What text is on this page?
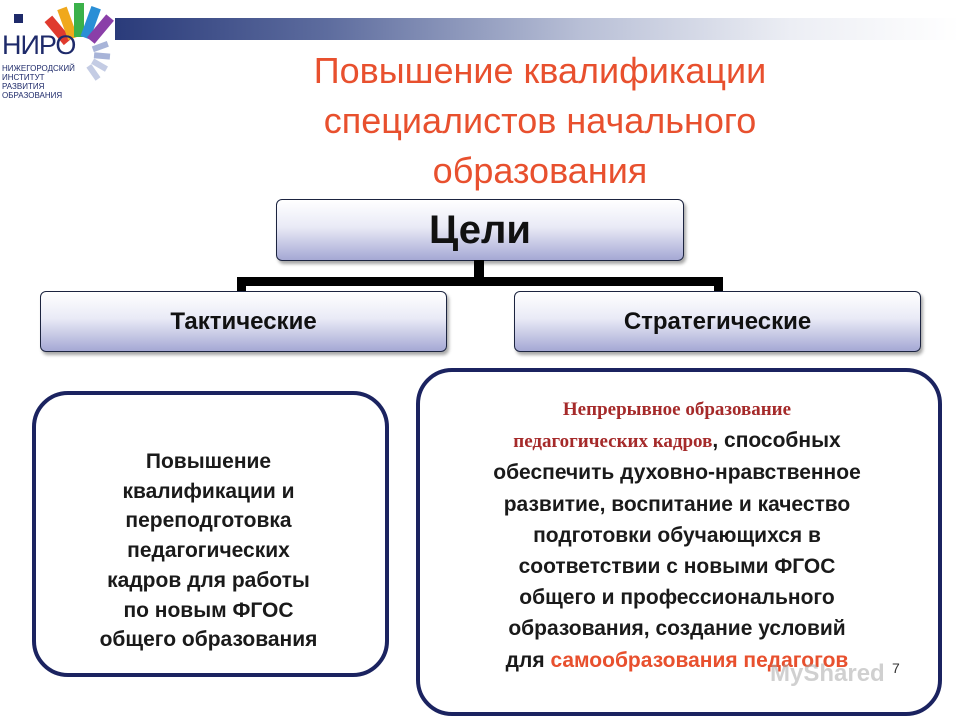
НИРО
НИЖЕГОРОДСКИЙ
ИНСТИТУТ
РАЗВИТИЯ
ОБРАЗОВАНИЯ
Повышение квалификации
специалистов начального
образования
Цели
Тактические	Стратегические
Повышение
квалификации и
переподготовка
педагогических
кадров для работы
по новым ФГОС
общего образования
Непрерывное образование
педагогических кадров, способных
обеспечить духовно-нравственное
развитие, воспитание и качество
подготовки обучающихся в
соответствии с новыми ФГОС
общего и профессионального
образования, создание условий
для самообразования педагогов
MyShared 7
